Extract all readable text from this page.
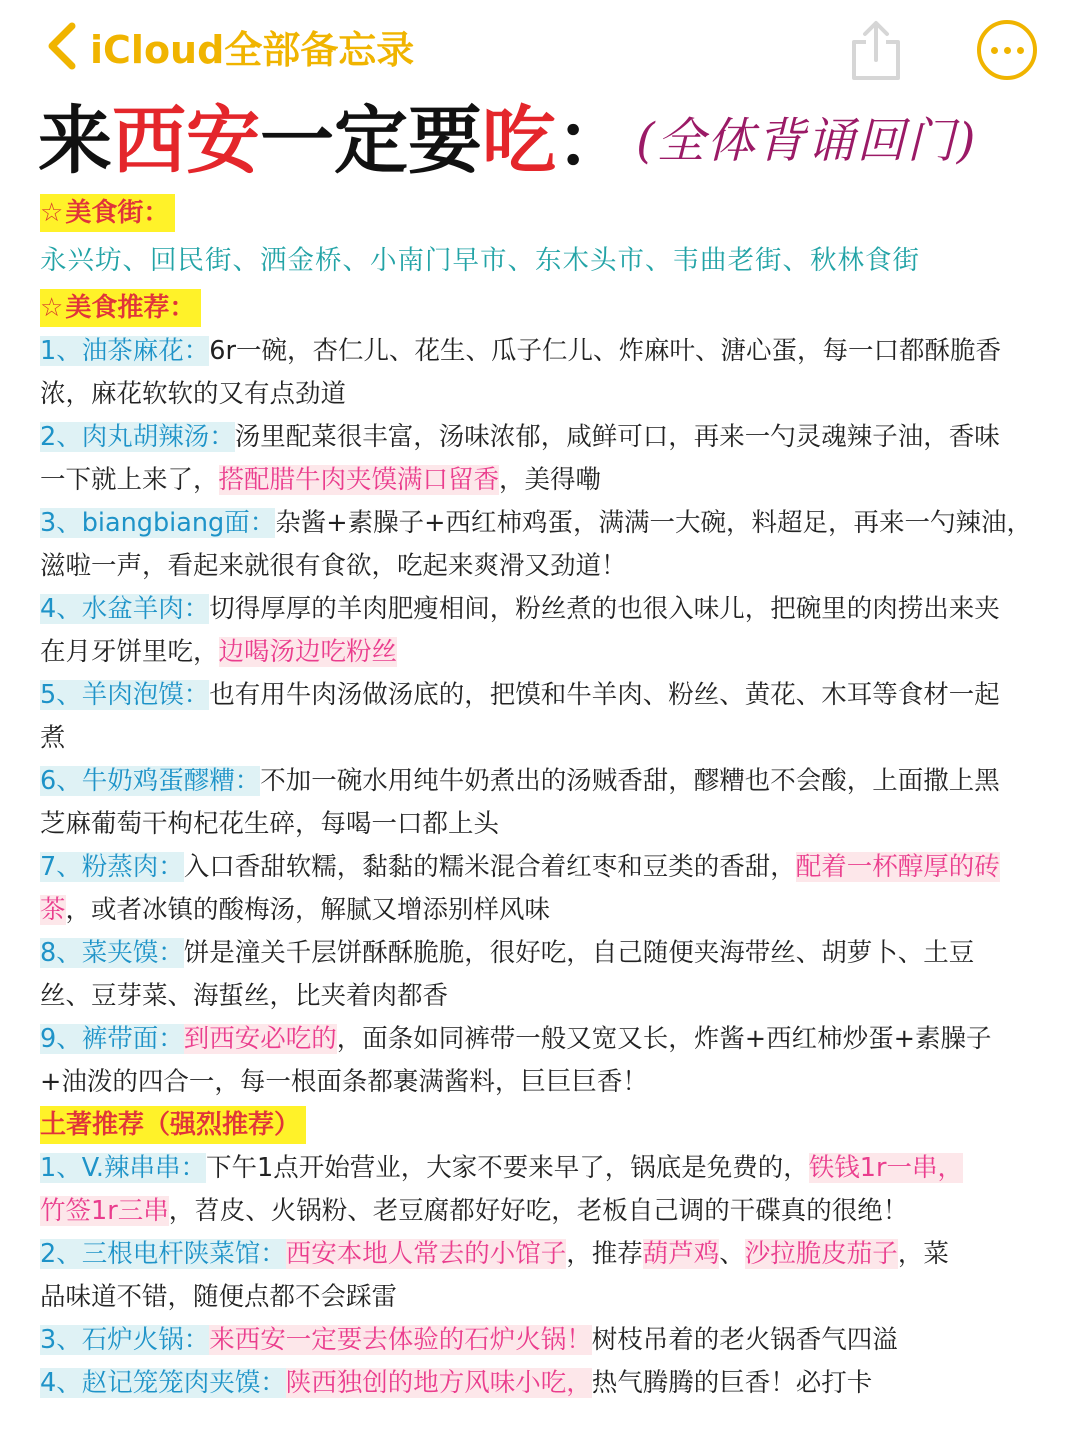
iCloud全部备忘录
来 西安 一定要 吃 ： (全体背诵回门)
☆美食街：
永兴坊、回民街、洒金桥、小南门早市、东木头市、韦曲老街、秋林食街
☆美食推荐：
1、油茶麻花：6r一碗，杏仁儿、花生、瓜子仁儿、炸麻叶、溏心蛋，每一口都酥脆香
浓，麻花软软的又有点劲道
2、肉丸胡辣汤：汤里配菜很丰富，汤味浓郁，咸鲜可口，再来一勺灵魂辣子油，香味
一下就上来了，搭配腊牛肉夹馍满口留香，美得嘞
3、biangbiang面：杂酱+素臊子+西红柿鸡蛋，满满一大碗，料超足，再来一勺辣油，
滋啦一声，看起来就很有食欲，吃起来爽滑又劲道！
4、水盆羊肉：切得厚厚的羊肉肥瘦相间，粉丝煮的也很入味儿，把碗里的肉捞出来夹
在月牙饼里吃，边喝汤边吃粉丝
5、羊肉泡馍：也有用牛肉汤做汤底的，把馍和牛羊肉、粉丝、黄花、木耳等食材一起
煮
6、牛奶鸡蛋醪糟：不加一碗水用纯牛奶煮出的汤贼香甜，醪糟也不会酸，上面撒上黑
芝麻葡萄干枸杞花生碎，每喝一口都上头
7、粉蒸肉：入口香甜软糯，黏黏的糯米混合着红枣和豆类的香甜，配着一杯醇厚的砖
茶，或者冰镇的酸梅汤，解腻又增添别样风味
8、菜夹馍：饼是潼关千层饼酥酥脆脆，很好吃，自己随便夹海带丝、胡萝卜、土豆
丝、豆芽菜、海蜇丝，比夹着肉都香
9、裤带面：到西安必吃的，面条如同裤带一般又宽又长，炸酱+西红柿炒蛋+素臊子
+油泼的四合一，每一根面条都裹满酱料，巨巨巨香！
土著推荐（强烈推荐）
1、V.辣串串：下午1点开始营业，大家不要来早了，锅底是免费的，铁钱1r一串，
竹签1r三串，苕皮、火锅粉、老豆腐都好好吃，老板自己调的干碟真的很绝！
2、三根电杆陕菜馆：西安本地人常去的小馆子，推荐葫芦鸡、沙拉脆皮茄子，菜
品味道不错，随便点都不会踩雷
3、石炉火锅：来西安一定要去体验的石炉火锅！树枝吊着的老火锅香气四溢
4、赵记笼笼肉夹馍：陕西独创的地方风味小吃，热气腾腾的巨香！必打卡
